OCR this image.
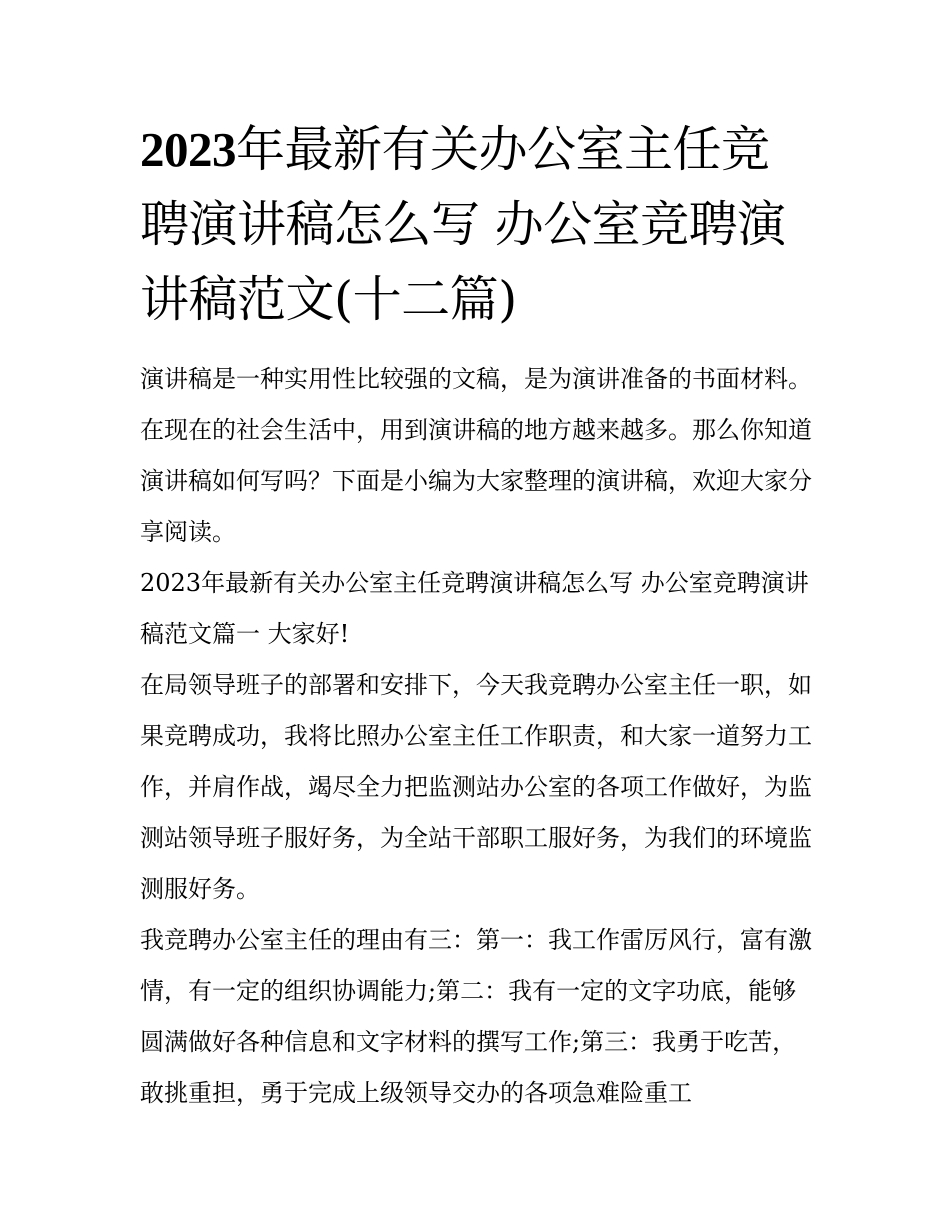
2023年最新有关办公室主任竞聘演讲稿怎么写 办公室竞聘演讲稿范文(十二篇)

演讲稿是一种实用性比较强的文稿，是为演讲准备的书面材料。在现在的社会生活中，用到演讲稿的地方越来越多。那么你知道演讲稿如何写吗？下面是小编为大家整理的演讲稿，欢迎大家分享阅读。

2023年最新有关办公室主任竞聘演讲稿怎么写 办公室竞聘演讲稿范文篇一 大家好!

在局领导班子的部署和安排下，今天我竞聘办公室主任一职，如果竞聘成功，我将比照办公室主任工作职责，和大家一道努力工作，并肩作战，竭尽全力把监测站办公室的各项工作做好，为监测站领导班子服好务，为全站干部职工服好务，为我们的环境监测服好务。

我竞聘办公室主任的理由有三：第一：我工作雷厉风行，富有激情，有一定的组织协调能力;第二：我有一定的文字功底，能够圆满做好各种信息和文字材料的撰写工作;第三：我勇于吃苦，敢挑重担，勇于完成上级领导交办的各项急难险重工
